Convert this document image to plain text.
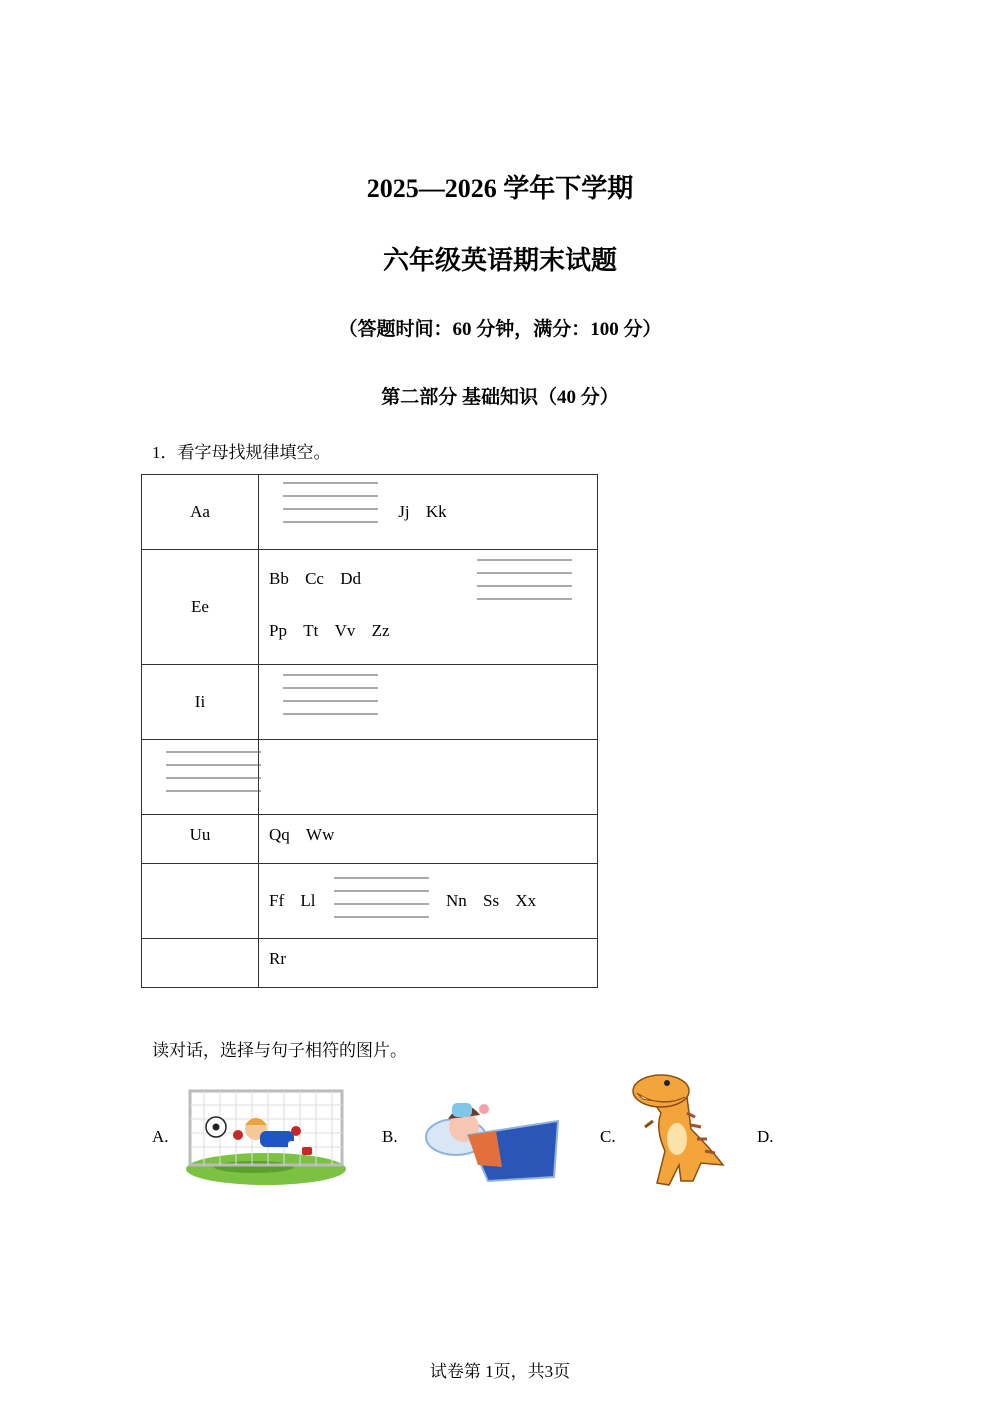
2025—2026 学年下学期
六年级英语期末试题
（答题时间：60 分钟，满分：100 分）
第二部分 基础知识（40 分）
1．看字母找规律填空。
Aa	Jj Kk
Ee	Bb Cc Dd
Pp Tt Vv Zz

Ii	

Uu	Qq Ww
	Ff Ll Nn Ss Xx
	Rr
读对话，选择与句子相符的图片。
A.	B.	C.	D.
试卷第 1页，共3页
